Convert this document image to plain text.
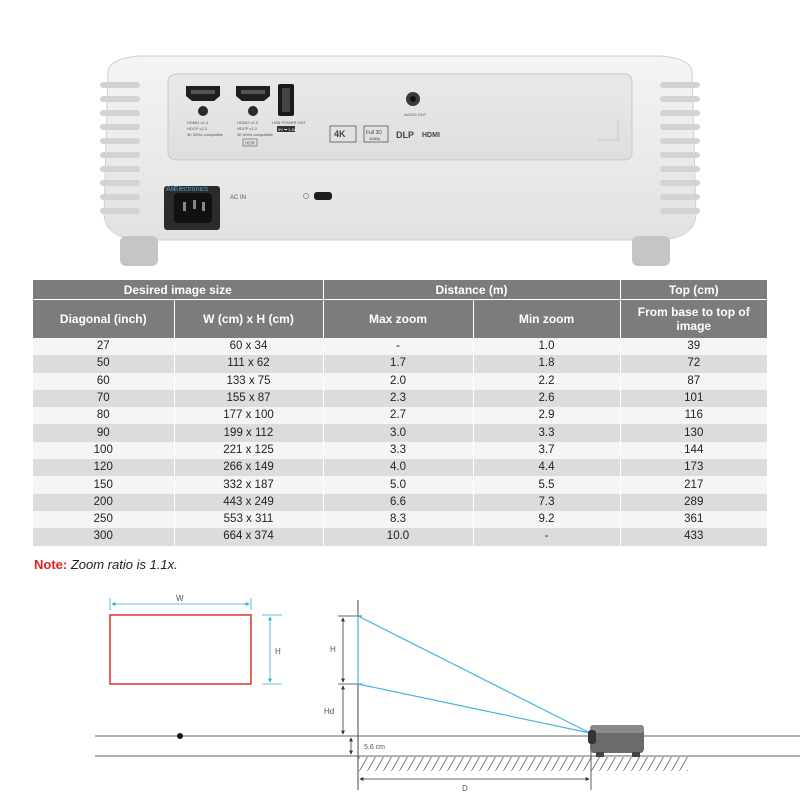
HDMI1 v1.4
HDCP v2.2
4K 30Hz compatible
HDMI2 v2.0
HDCP v2.2
4K 60Hz compatible
HDR
USB POWER OUT
5V ⎓ 1.5A
AUDIO OUT
4K	Full 3D
1080p DLP HDMI
AliElectronics
AC IN
Desired image size		Distance (m)		Top (cm)
Diagonal (inch)	W (cm) x H (cm)	Max zoom	Min zoom	From base to top of image
27	60 x 34	-	1.0	39
50	111 x 62	1.7	1.8	72
60	133 x 75	2.0	2.2	87
70	155 x 87	2.3	2.6	101
80	177 x 100	2.7	2.9	116
90	199 x 112	3.0	3.3	130
100	221 x 125	3.3	3.7	144
120	266 x 149	4.0	4.4	173
150	332 x 187	5.0	5.5	217
200	443 x 249	6.6	7.3	289
250	553 x 311	8.3	9.2	361
300	664 x 374	10.0	-	433
Note: Zoom ratio is 1.1x.
W
H	H
Hd
5.6 cm
D
